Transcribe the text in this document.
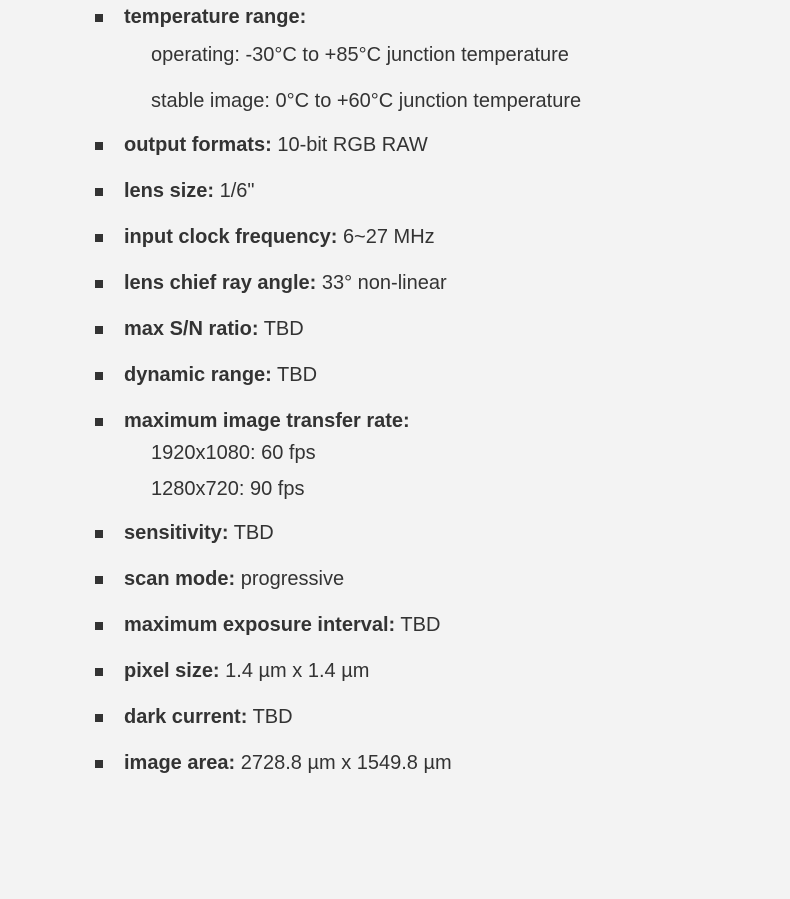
temperature range:
operating: -30°C to +85°C junction temperature
stable image: 0°C to +60°C junction temperature
output formats: 10-bit RGB RAW
lens size: 1/6"
input clock frequency: 6~27 MHz
lens chief ray angle: 33° non-linear
max S/N ratio: TBD
dynamic range: TBD
maximum image transfer rate:
1920x1080: 60 fps
1280x720: 90 fps
sensitivity: TBD
scan mode: progressive
maximum exposure interval: TBD
pixel size: 1.4 µm x 1.4 µm
dark current: TBD
image area: 2728.8 µm x 1549.8 µm
